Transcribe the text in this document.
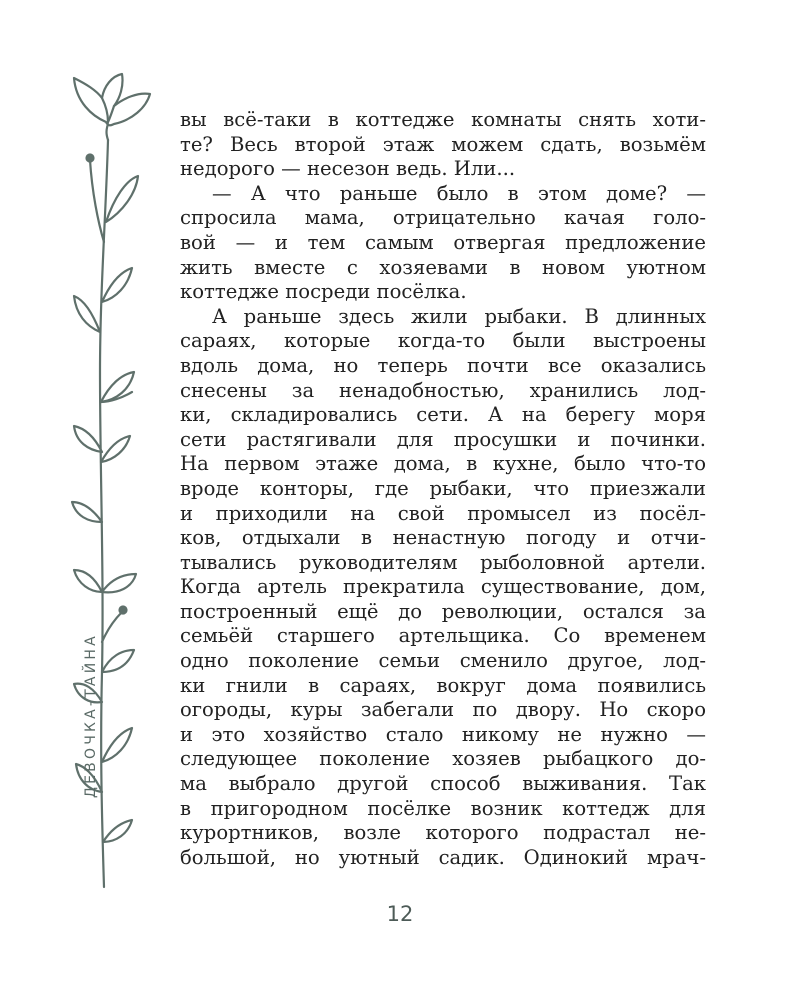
ДЕВОЧКА-ТАЙНА
вы всё-таки в коттедже комнаты снять хоти-
те? Весь второй этаж можем сдать, возьмём
недорого — несезон ведь. Или...
— А что раньше было в этом доме? —
спросила мама, отрицательно качая голо-
вой — и тем самым отвергая предложение
жить вместе с хозяевами в новом уютном
коттедже посреди посёлка.
А раньше здесь жили рыбаки. В длинных
сараях, которые когда-то были выстроены
вдоль дома, но теперь почти все оказались
снесены за ненадобностью, хранились лод-
ки, складировались сети. А на берегу моря
сети растягивали для просушки и починки.
На первом этаже дома, в кухне, было что-то
вроде конторы, где рыбаки, что приезжали
и приходили на свой промысел из посёл-
ков, отдыхали в ненастную погоду и отчи-
тывались руководителям рыболовной артели.
Когда артель прекратила существование, дом,
построенный ещё до революции, остался за
семьёй старшего артельщика. Со временем
одно поколение семьи сменило другое, лод-
ки гнили в сараях, вокруг дома появились
огороды, куры забегали по двору. Но скоро
и это хозяйство стало никому не нужно —
следующее поколение хозяев рыбацкого до-
ма выбрало другой способ выживания. Так
в пригородном посёлке возник коттедж для
курортников, возле которого подрастал не-
большой, но уютный садик. Одинокий мрач-
12
